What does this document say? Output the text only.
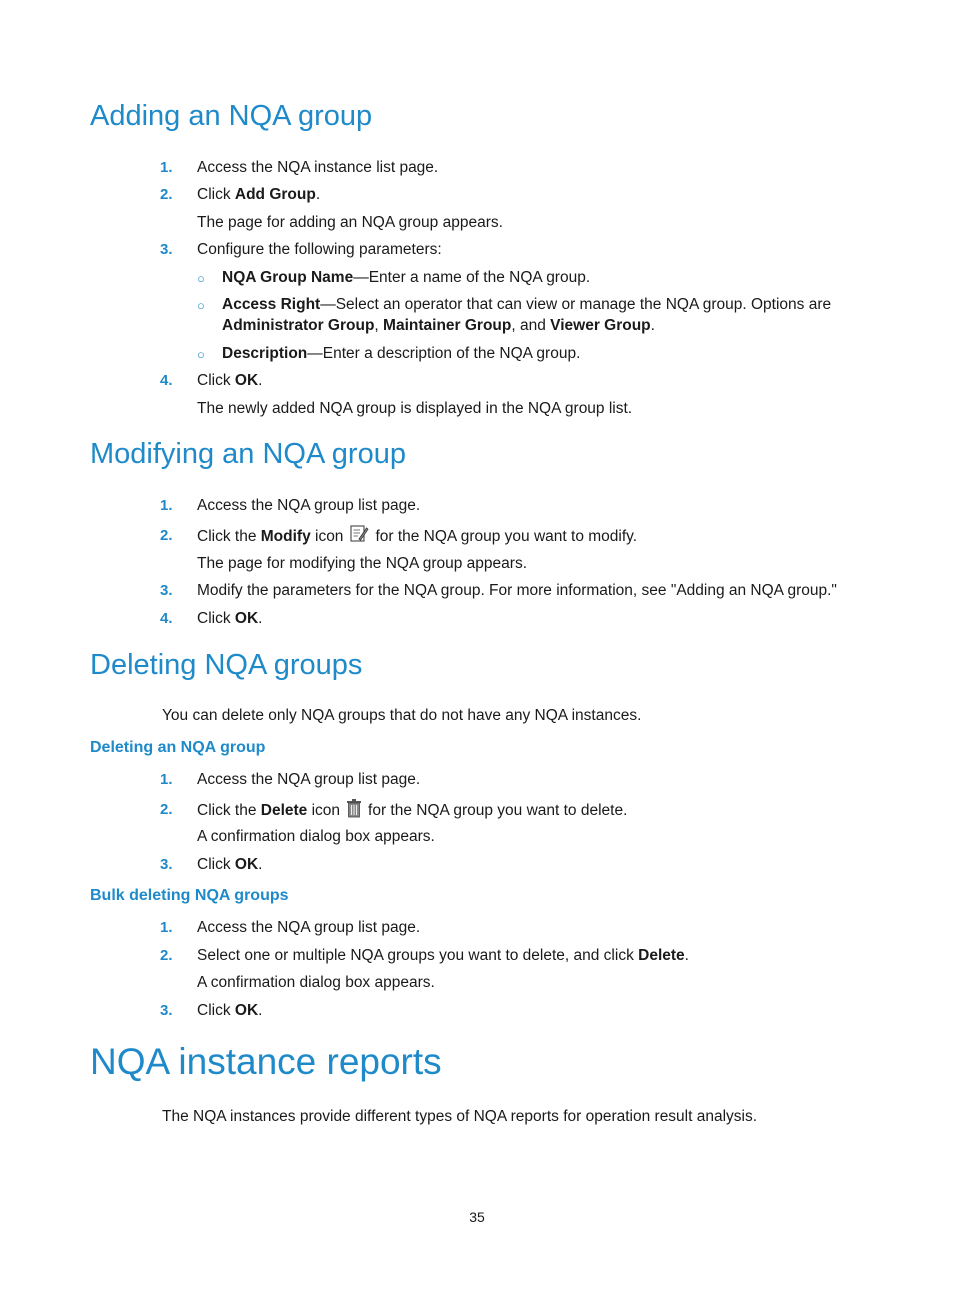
Adding an NQA group
1. Access the NQA instance list page.
2. Click Add Group.
The page for adding an NQA group appears.
3. Configure the following parameters:
○ NQA Group Name—Enter a name of the NQA group.
○ Access Right—Select an operator that can view or manage the NQA group. Options are
Administrator Group, Maintainer Group, and Viewer Group.
○ Description—Enter a description of the NQA group.
4. Click OK.
The newly added NQA group is displayed in the NQA group list.
Modifying an NQA group
1. Access the NQA group list page.
2. Click the Modify icon for the NQA group you want to modify.
The page for modifying the NQA group appears.
3. Modify the parameters for the NQA group. For more information, see "Adding an NQA group."
4. Click OK.
Deleting NQA groups
You can delete only NQA groups that do not have any NQA instances.
Deleting an NQA group
1. Access the NQA group list page.
2. Click the Delete icon for the NQA group you want to delete.
A confirmation dialog box appears.
3. Click OK.
Bulk deleting NQA groups
1. Access the NQA group list page.
2. Select one or multiple NQA groups you want to delete, and click Delete.
A confirmation dialog box appears.
3. Click OK.
NQA instance reports
The NQA instances provide different types of NQA reports for operation result analysis.
35
